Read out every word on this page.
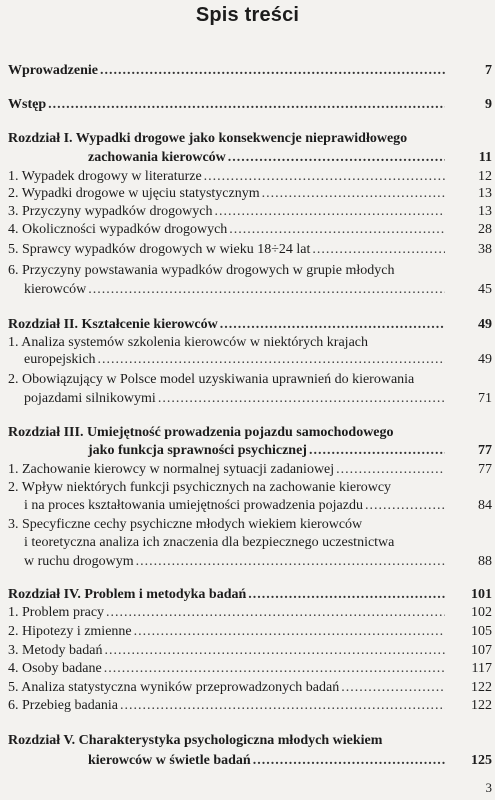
Spis treści
Wprowadzenie .....	7
Wstęp .....	9
Rozdział I. Wypadki drogowe jako konsekwencje nieprawidłowego
zachowania kierowców .....	11
1. Wypadek drogowy w literaturze .....	12
2. Wypadki drogowe w ujęciu statystycznym .....	13
3. Przyczyny wypadków drogowych .....	13
4. Okoliczności wypadków drogowych .....	28
5. Sprawcy wypadków drogowych w wieku 18÷24 lat .....	38
6. Przyczyny powstawania wypadków drogowych w grupie młodych
kierowców .....	45
Rozdział II. Kształcenie kierowców .....	49
1. Analiza systemów szkolenia kierowców w niektórych krajach
europejskich .....	49
2. Obowiązujący w Polsce model uzyskiwania uprawnień do kierowania
pojazdami silnikowymi .....	71
Rozdział III. Umiejętność prowadzenia pojazdu samochodowego
jako funkcja sprawności psychicznej .....	77
1. Zachowanie kierowcy w normalnej sytuacji zadaniowej .....	77
2. Wpływ niektórych funkcji psychicznych na zachowanie kierowcy
i na proces kształtowania umiejętności prowadzenia pojazdu .....	84
3. Specyficzne cechy psychiczne młodych wiekiem kierowców
i teoretyczna analiza ich znaczenia dla bezpiecznego uczestnictwa
w ruchu drogowym .....	88
Rozdział IV. Problem i metodyka badań .....	101
1. Problem pracy .....	102
2. Hipotezy i zmienne .....	105
3. Metody badań .....	107
4. Osoby badane .....	117
5. Analiza statystyczna wyników przeprowadzonych badań .....	122
6. Przebieg badania .....	122
Rozdział V. Charakterystyka psychologiczna młodych wiekiem
kierowców w świetle badań .....	125
3
